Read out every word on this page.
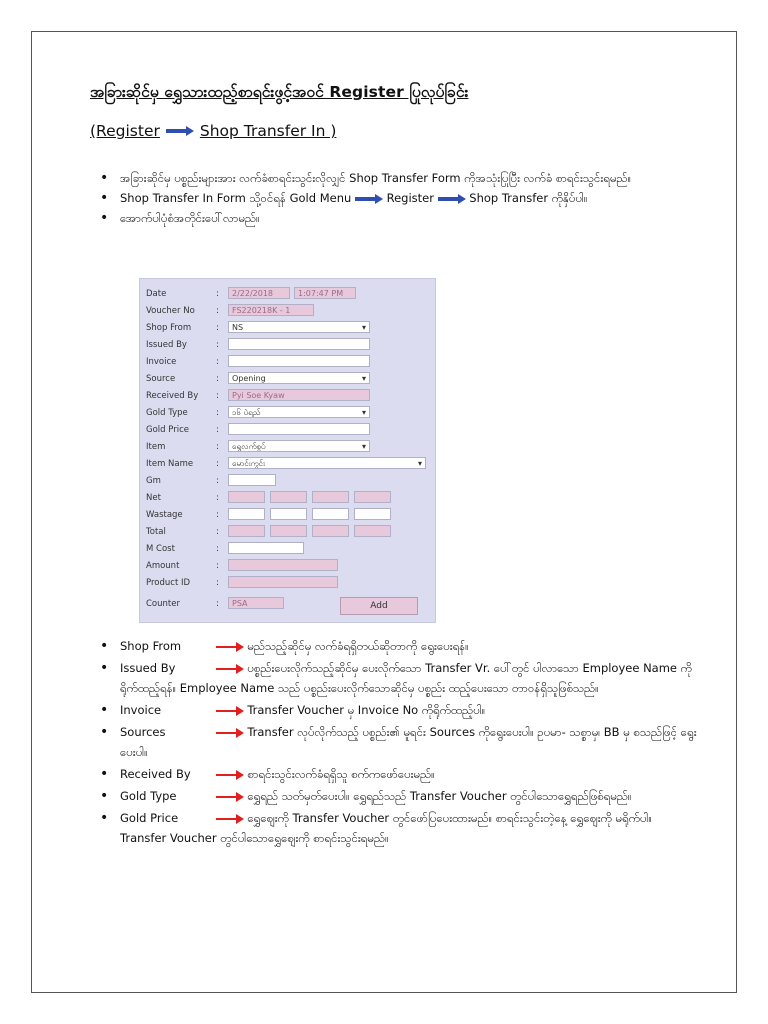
အခြားဆိုင်မှ ရွှေသားထည့်စာရင်းဖွင့်အဝင် Register ပြုလုပ်ခြင်း
(Register	Shop Transfer In )
• အခြားဆိုင်မှ ပစ္စည်းများအား လက်ခံစာရင်းသွင်းလိုလျှင် Shop Transfer Form ကိုအသုံးပြုပြီး လက်ခံ စာရင်းသွင်းရမည်။
• Shop Transfer In Form သို့ဝင်ရန် Gold Menu	Register	Shop Transfer ကိုနှိပ်ပါ။
• အောက်ပါပုံစံအတိုင်းပေါ်လာမည်။
Date	:	2/22/2018	1:07:47 PM
Voucher No :	FS220218K - 1
Shop From	:	NS ▾
Issued By	:
Invoice	:
Source	:	Opening ▾
Received By :	Pyi Soe Kyaw
Gold Type	:	၁၆ ပဲရည် ▾
Gold Price	:
Item	:	ရွှေလက်စွပ် ▾
Item Name	:	မောင်းကွင်း ▾
Gm	:
Net	:
Wastage	:
Total	:
M Cost	:
Amount	:
Product ID	:
Counter	:	PSA	Add
• Shop From	မည်သည့်ဆိုင်မှ လက်ခံရရှိတယ်ဆိုတာကို ရွေးပေးရန်။
• Issued By	ပစ္စည်းပေးလိုက်သည့်ဆိုင်မှ ပေးလိုက်သော Transfer Vr. ပေါ်တွင် ပါလာသော Employee Name ကို ရိုက်ထည့်ရန်။ Employee Name သည် ပစ္စည်းပေးလိုက်သောဆိုင်မှ ပစ္စည်း ထည့်ပေးသော တာဝန်ရှိသူဖြစ်သည်။
• Invoice	Transfer Voucher မှ Invoice No ကိုရိုက်ထည့်ပါ။
• Sources	Transfer လုပ်လိုက်သည့် ပစ္စည်း၏ မူရင်း Sources ကိုရွေးပေးပါ။ ဥပမာ- သစ္စာမှ၊ BB မှ စသည်ဖြင့် ရွေးပေးပါ။
• Received By	စာရင်းသွင်းလက်ခံရရှိသူ စက်ကဖော်ပေးမည်။
• Gold Type	ရွှေရည် သတ်မှတ်ပေးပါ။ ရွှေရည်သည် Transfer Voucher တွင်ပါသောရွှေရည်ဖြစ်ရမည်။
• Gold Price	ရွှေဈေးကို Transfer Voucher တွင်ဖော်ပြပေးထားမည်။ စာရင်းသွင်းတဲ့နေ့ ရွှေဈေးကို မရိုက်ပါ။ Transfer Voucher တွင်ပါသောရွှေဈေးကို စာရင်းသွင်းရမည်။
